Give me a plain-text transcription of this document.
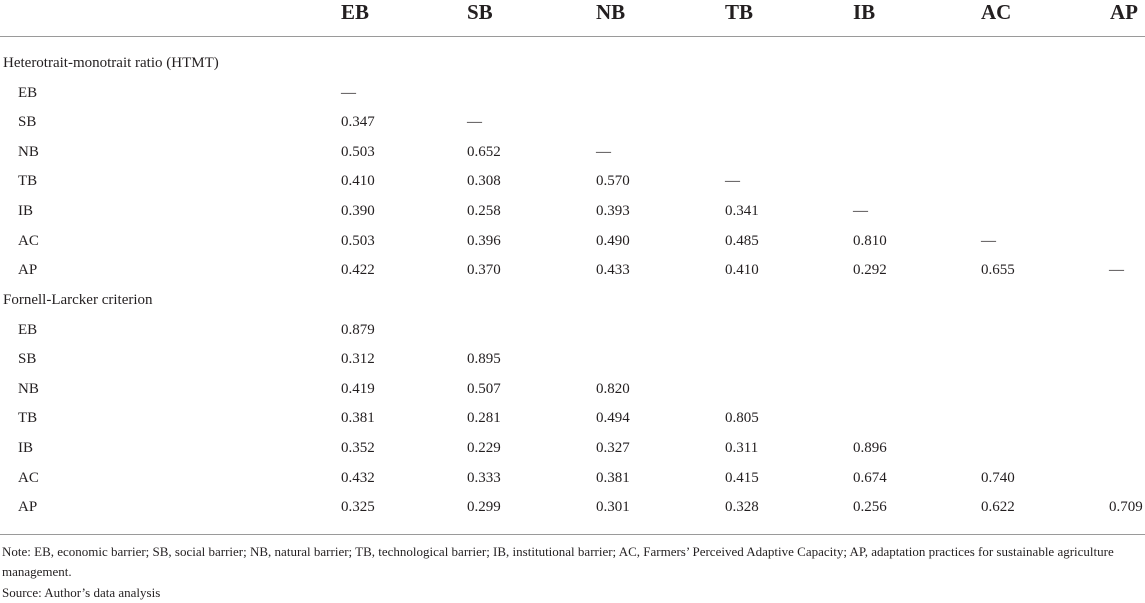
EB	SB	NB	TB	IB	AC	AP
Heterotrait-monotrait ratio (HTMT)
EB	—
SB	0.347	—
NB	0.503	0.652	—
TB	0.410	0.308	0.570	—
IB	0.390	0.258	0.393	0.341	—
AC	0.503	0.396	0.490	0.485	0.810	—
AP	0.422	0.370	0.433	0.410	0.292	0.655	—
Fornell-Larcker criterion
EB	0.879
SB	0.312	0.895
NB	0.419	0.507	0.820
TB	0.381	0.281	0.494	0.805
IB	0.352	0.229	0.327	0.311	0.896
AC	0.432	0.333	0.381	0.415	0.674	0.740
AP	0.325	0.299	0.301	0.328	0.256	0.622	0.709
Note: EB, economic barrier; SB, social barrier; NB, natural barrier; TB, technological barrier; IB, institutional barrier; AC, Farmers’ Perceived Adaptive Capacity; AP, adaptation practices for sustainable agriculture management.
Source: Author’s data analysis
